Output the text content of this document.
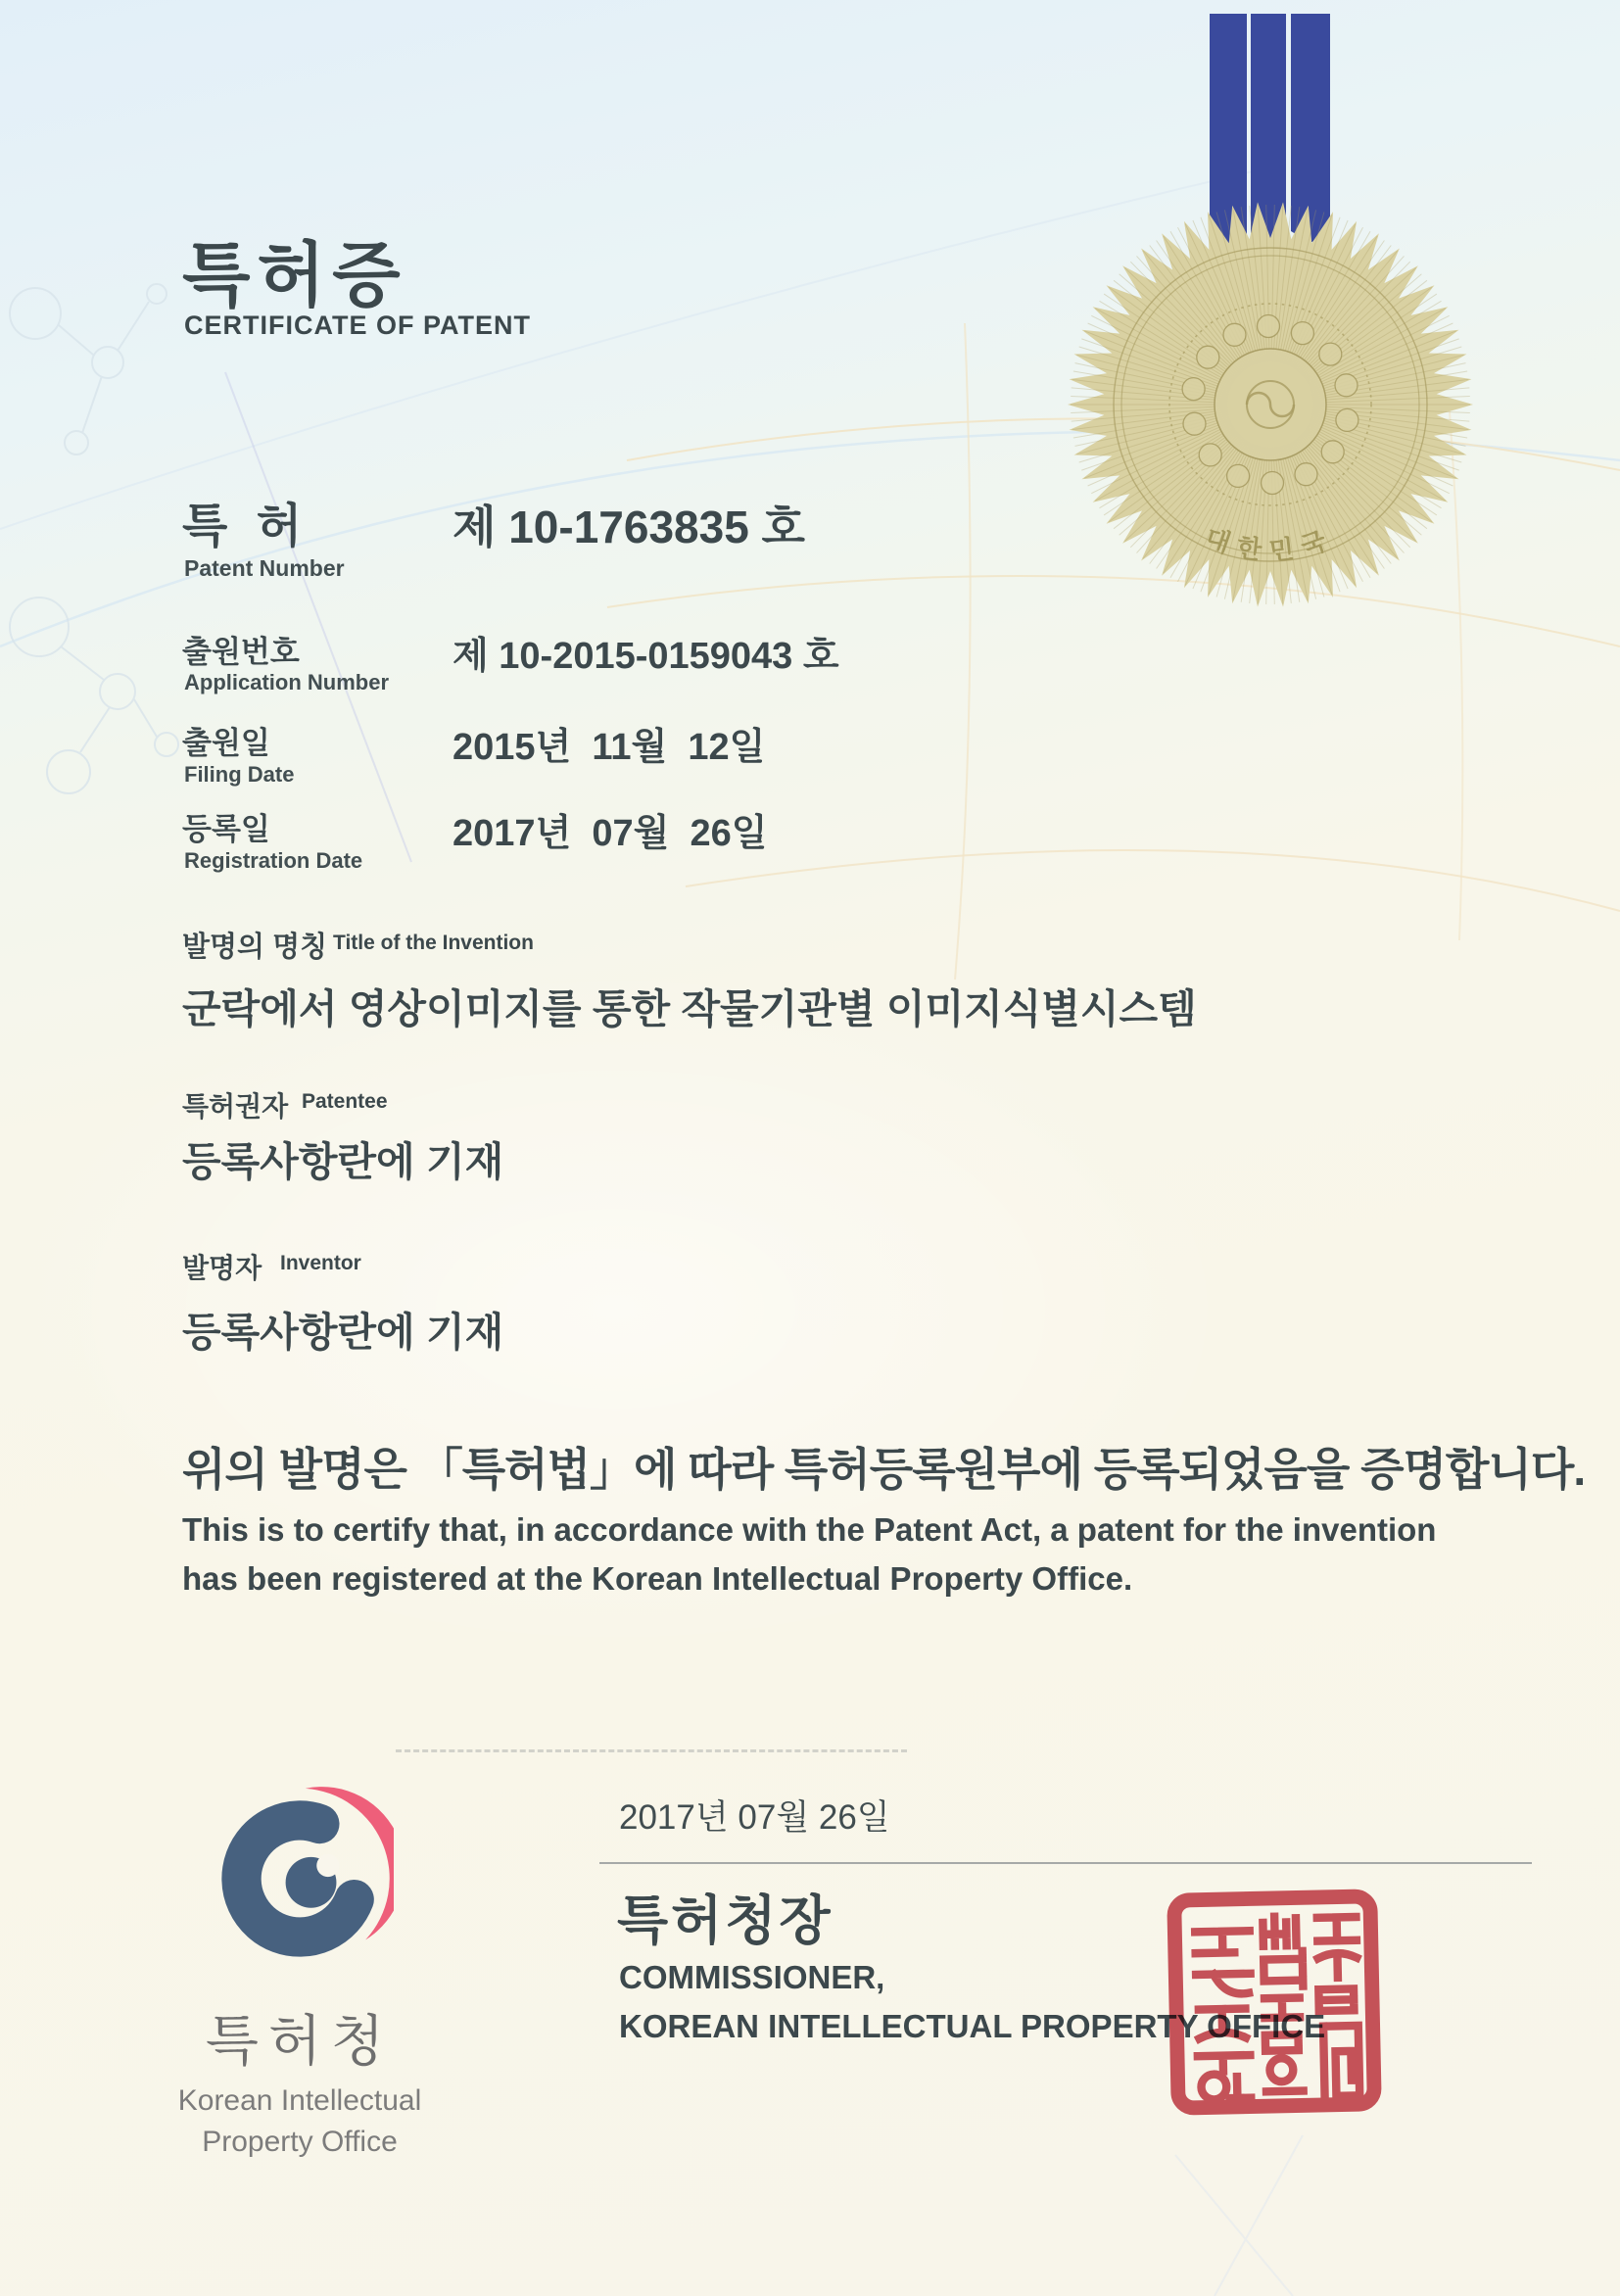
대한민국
특허증
CERTIFICATE OF PATENT
특 허
Patent Number
제 10-1763835 호
출원번호
Application Number
제 10-2015-0159043 호
출원일
Filing Date
2015년  11월  12일
등록일
Registration Date
2017년  07월  26일
발명의 명칭 Title of the Invention
군락에서 영상이미지를 통한 작물기관별 이미지식별시스템
특허권자 Patentee
등록사항란에 기재
발명자 Inventor
등록사항란에 기재
위의 발명은 「특허법」에 따라 특허등록원부에 등록되었음을 증명합니다.
This is to certify that, in accordance with the Patent Act, a patent for the invention
has been registered at the Korean Intellectual Property Office.
2017년 07월 26일
특허청장
COMMISSIONER,
KOREAN INTELLECTUAL PROPERTY OFFICE
특허청
Korean Intellectual
Property Office
